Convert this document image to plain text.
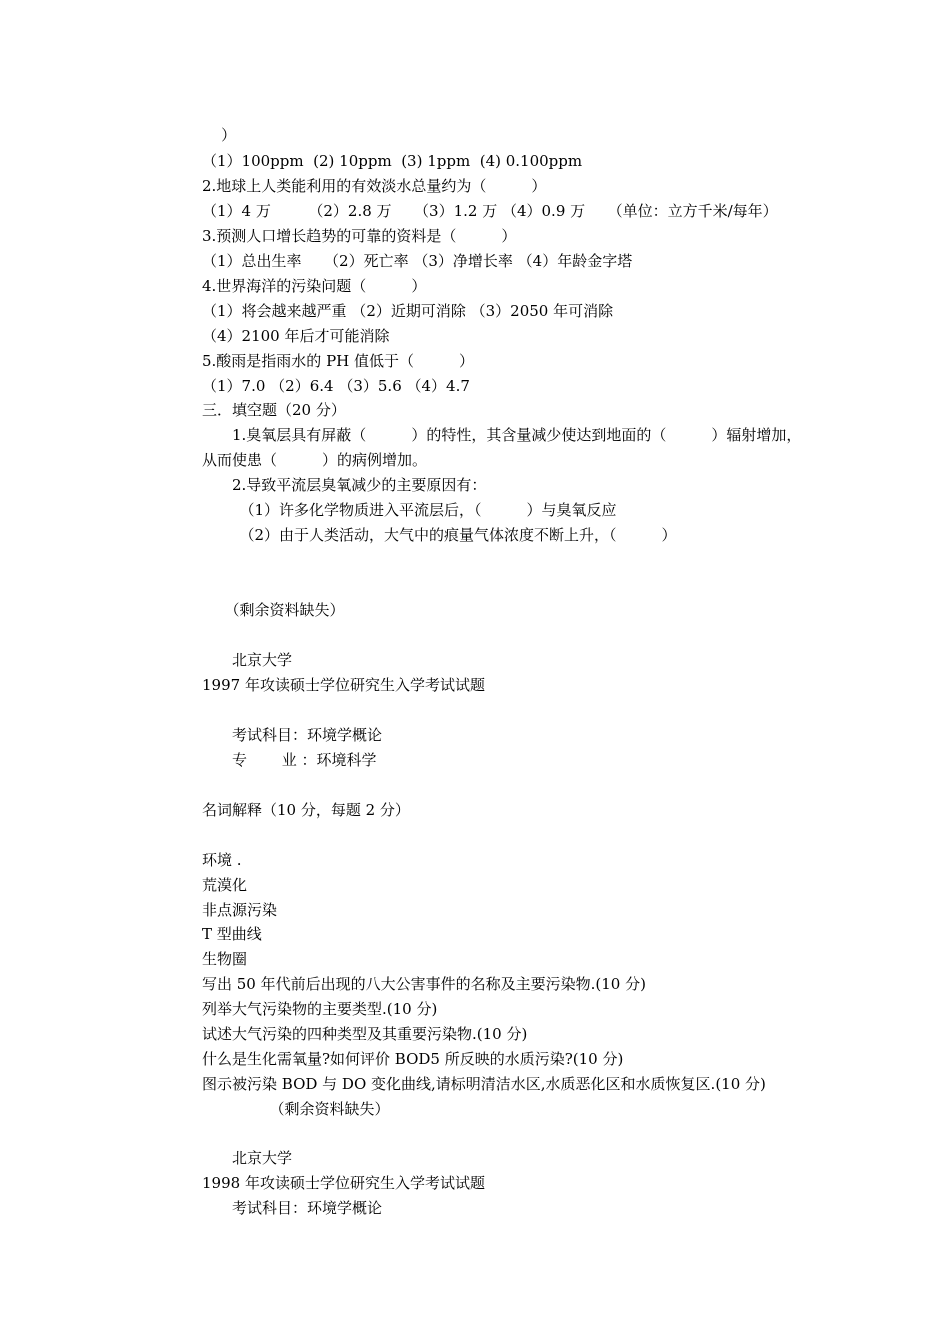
）
（1）100ppm  (2) 10ppm  (3) 1ppm  (4) 0.100ppm
2.地球上人类能利用的有效淡水总量约为（　　　）
（1）4 万　　　（2）2.8 万　　（3）1.2 万 （4）0.9 万　　（单位：立方千米/每年）
3.预测人口增长趋势的可靠的资料是（　　　）
（1）总出生率　　（2）死亡率 （3）净增长率 （4）年龄金字塔
4.世界海洋的污染问题（　　　）
（1）将会越来越严重 （2）近期可消除 （3）2050 年可消除
（4）2100 年后才可能消除
5.酸雨是指雨水的 PH 值低于（　　　）
（1）7.0 （2）6.4 （3）5.6 （4）4.7
三．填空题（20 分）
　　1.臭氧层具有屏蔽（　　　）的特性，其含量减少使达到地面的（　　　）辐射增加，
从而使患（　　　）的病例增加。
　　2.导致平流层臭氧减少的主要原因有：
　　　（1）许多化学物质进入平流层后，（　　　）与臭氧反应
　　　（2）由于人类活动，大气中的痕量气体浓度不断上升，（　　　）
　　（剩余资料缺失）
　　北京大学
1997 年攻读硕士学位研究生入学考试试题
　　考试科目：环境学概论
　　专　　 业 ：环境科学
名词解释（10 分，每题 2 分）
环境 .
荒漠化
非点源污染
T 型曲线
生物圈
写出 50 年代前后出现的八大公害事件的名称及主要污染物.(10 分)
列举大气污染物的主要类型.(10 分)
试述大气污染的四种类型及其重要污染物.(10 分)
什么是生化需氧量?如何评价 BOD5 所反映的水质污染?(10 分)
图示被污染 BOD 与 DO 变化曲线,请标明清洁水区,水质恶化区和水质恢复区.(10 分)
　　　　　（剩余资料缺失）
　　北京大学
1998 年攻读硕士学位研究生入学考试试题
　　考试科目：环境学概论
